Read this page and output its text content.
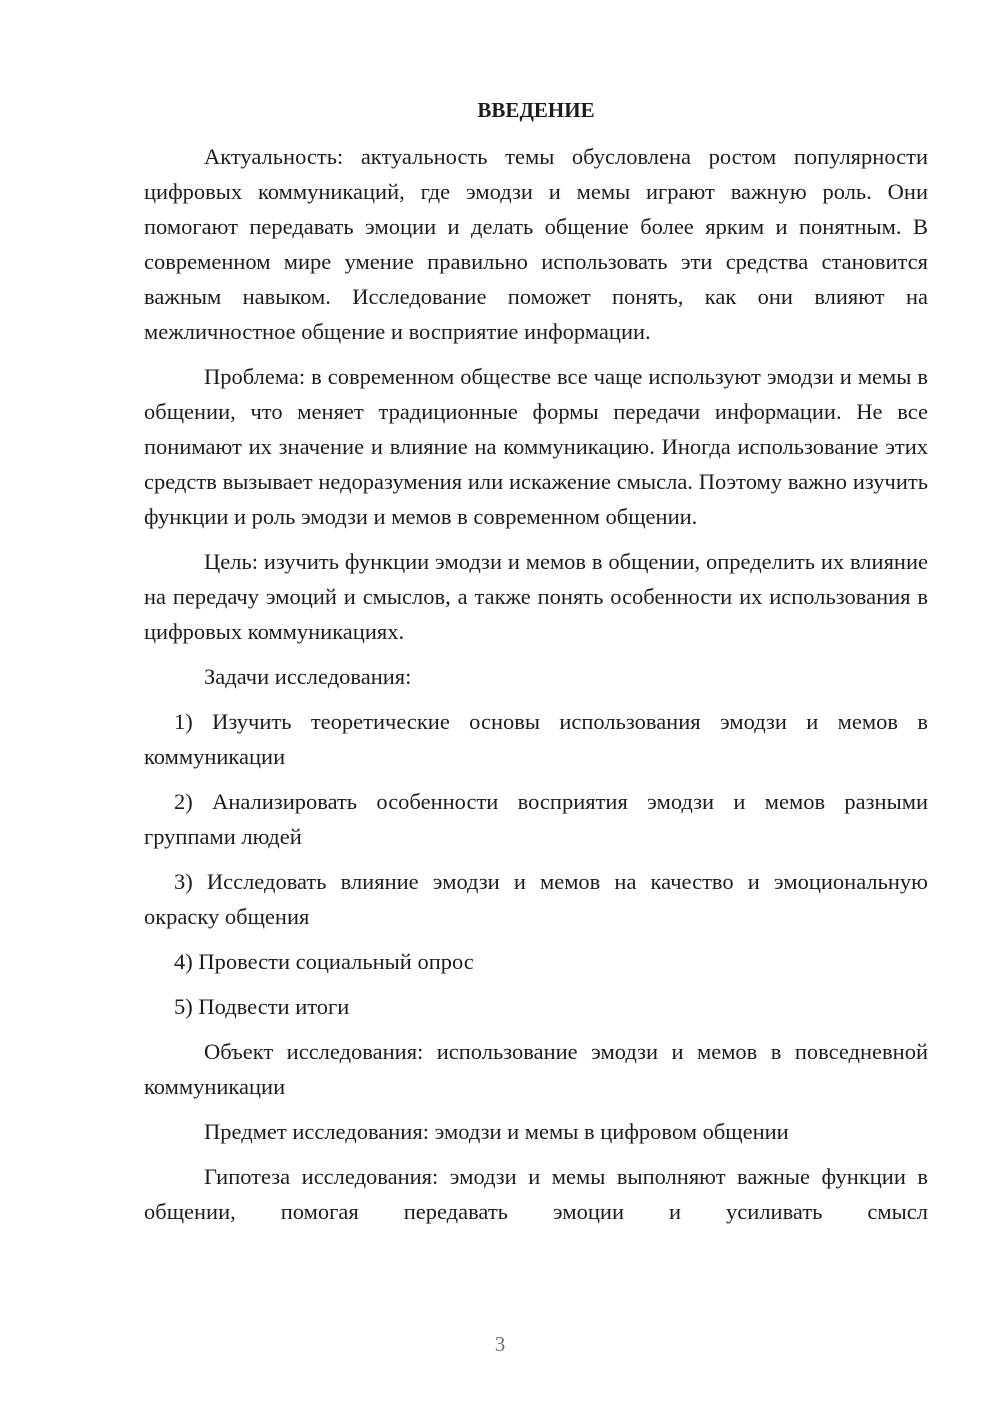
ВВЕДЕНИЕ

Актуальность: актуальность темы обусловлена ростом популярности цифровых коммуникаций, где эмодзи и мемы играют важную роль. Они помогают передавать эмоции и делать общение более ярким и понятным. В современном мире умение правильно использовать эти средства становится важным навыком. Исследование поможет понять, как они влияют на межличностное общение и восприятие информации.

Проблема: в современном обществе все чаще используют эмодзи и мемы в общении, что меняет традиционные формы передачи информации. Не все понимают их значение и влияние на коммуникацию. Иногда использование этих средств вызывает недоразумения или искажение смысла. Поэтому важно изучить функции и роль эмодзи и мемов в современном общении.

Цель: изучить функции эмодзи и мемов в общении, определить их влияние на передачу эмоций и смыслов, а также понять особенности их использования в цифровых коммуникациях.

Задачи исследования:

1) Изучить теоретические основы использования эмодзи и мемов в коммуникации

2) Анализировать особенности восприятия эмодзи и мемов разными группами людей

3) Исследовать влияние эмодзи и мемов на качество и эмоциональную окраску общения

4) Провести социальный опрос

5) Подвести итоги

Объект исследования: использование эмодзи и мемов в повседневной коммуникации

Предмет исследования: эмодзи и мемы в цифровом общении

Гипотеза исследования: эмодзи и мемы выполняют важные функции в общении, помогая передавать эмоции и усиливать смысл

3
